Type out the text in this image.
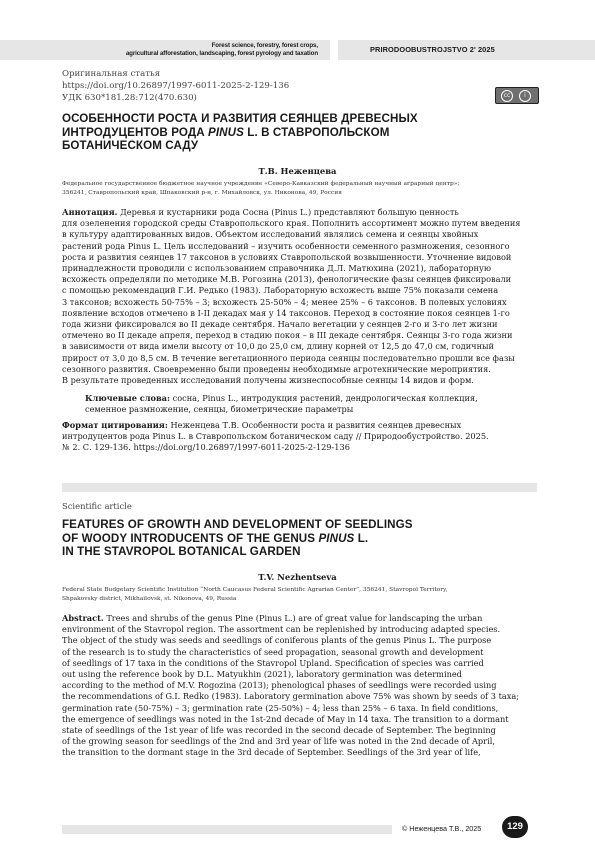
Forest science, forestry, forest crops,
agricultural afforestation, landscaping, forest pyrology and taxation	PRIRODOOBUSTROJSTVO 2' 2025
Оригинальная статья
https://doi.org/10.26897/1997-6011-2025-2-129-136
УДК 630*181.28:712(470.630)	cc	i
ОСОБЕННОСТИ РОСТА И РАЗВИТИЯ СЕЯНЦЕВ ДРЕВЕСНЫХ
ИНТРОДУЦЕНТОВ РОДА PINUS L. В СТАВРОПОЛЬСКОМ
БОТАНИЧЕСКОМ САДУ
Т.В. Неженцева
Федеральное государственное бюджетное научное учреждение «Северо-Кавказский федеральный научный аграрный центр»;
356241, Ставропольский край, Шпаковский р-н, г. Михайловск, ул. Никонова, 49, Россия
Аннотация. Деревья и кустарники рода Сосна (Pinus L.) представляют большую ценность
для озеленения городской среды Ставропольского края. Пополнить ассортимент можно путем введения
в культуру адаптированных видов. Объектом исследований являлись семена и сеянцы хвойных
растений рода Pinus L. Цель исследований – изучить особенности семенного размножения, сезонного
роста и развития сеянцев 17 таксонов в условиях Ставропольской возвышенности. Уточнение видовой
принадлежности проводили с использованием справочника Д.Л. Матюхина (2021), лабораторную
всхожесть определяли по методике М.В. Рогозина (2013), фенологические фазы сеянцев фиксировали
с помощью рекомендаций Г.И. Редько (1983). Лабораторную всхожесть выше 75% показали семена
3 таксонов; всхожесть 50-75% – 3; всхожесть 25-50% – 4; менее 25% – 6 таксонов. В полевых условиях
появление всходов отмечено в I-II декадах мая у 14 таксонов. Переход в состояние покоя сеянцев 1-го
года жизни фиксировался во II декаде сентября. Начало вегетации у сеянцев 2-го и 3-го лет жизни
отмечено во II декаде апреля, переход в стадию покоя – в III декаде сентября. Сеянцы 3-го года жизни
в зависимости от вида имели высоту от 10,0 до 25,0 см, длину корней от 12,5 до 47,0 см, годичный
прирост от 3,0 до 8,5 см. В течение вегетационного периода сеянцы последовательно прошли все фазы
сезонного развития. Своевременно были проведены необходимые агротехнические мероприятия.
В результате проведенных исследований получены жизнеспособные сеянцы 14 видов и форм.
Ключевые слова: сосна, Pinus L., интродукция растений, дендрологическая коллекция,
семенное размножение, сеянцы, биометрические параметры
Формат цитирования: Неженцева Т.В. Особенности роста и развития сеянцев древесных
интродуцентов рода Pinus L. в Ставропольском ботаническом саду // Природообустройство. 2025.
№ 2. С. 129-136. https://doi.org/10.26897/1997-6011-2025-2-129-136
Scientific article
FEATURES OF GROWTH AND DEVELOPMENT OF SEEDLINGS
OF WOODY INTRODUCENTS OF THE GENUS PINUS L.
IN THE STAVROPOL BOTANICAL GARDEN
T.V. Nezhentseva
Federal State Budgetary Scientific Institution “North Caucasus Federal Scientific Agrarian Center”, 356241, Stavropol Territory,
Shpakovsky district, Mikhailovsk, st. Nikonova, 49, Russia
Abstract. Trees and shrubs of the genus Pine (Pinus L.) are of great value for landscaping the urban
environment of the Stavropol region. The assortment can be replenished by introducing adapted species.
The object of the study was seeds and seedlings of coniferous plants of the genus Pinus L. The purpose
of the research is to study the characteristics of seed propagation, seasonal growth and development
of seedlings of 17 taxa in the conditions of the Stavropol Upland. Specification of species was carried
out using the reference book by D.L. Matyukhin (2021), laboratory germination was determined
according to the method of M.V. Rogozina (2013); phenological phases of seedlings were recorded using
the recommendations of G.I. Redko (1983). Laboratory germination above 75% was shown by seeds of 3 taxa;
germination rate (50-75%) – 3; germination rate (25-50%) – 4; less than 25% – 6 taxa. In field conditions,
the emergence of seedlings was noted in the 1st-2nd decade of May in 14 taxa. The transition to a dormant
state of seedlings of the 1st year of life was recorded in the second decade of September. The beginning
of the growing season for seedlings of the 2nd and 3rd year of life was noted in the 2nd decade of April,
the transition to the dormant stage in the 3rd decade of September. Seedlings of the 3rd year of life,
© Неженцева Т.В., 2025	129
